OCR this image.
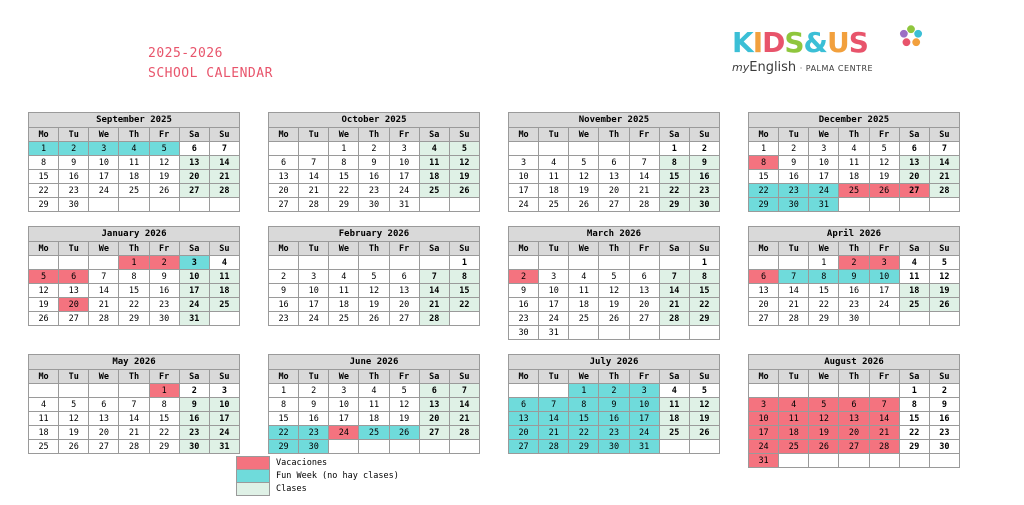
2025-2026
SCHOOL CALENDAR
KIDS&US
myEnglish · PALMA CENTRE
September 2025
Mo	Tu	We	Th	Fr	Sa	Su
1	2	3	4	5	6	7
8	9	10	11	12	13	14
15	16	17	18	19	20	21
22	23	24	25	26	27	28
29	30					
October 2025
Mo	Tu	We	Th	Fr	Sa	Su
		1	2	3	4	5
6	7	8	9	10	11	12
13	14	15	16	17	18	19
20	21	22	23	24	25	26
27	28	29	30	31		
November 2025
Mo	Tu	We	Th	Fr	Sa	Su
					1	2
3	4	5	6	7	8	9
10	11	12	13	14	15	16
17	18	19	20	21	22	23
24	25	26	27	28	29	30
December 2025
Mo	Tu	We	Th	Fr	Sa	Su
1	2	3	4	5	6	7
8	9	10	11	12	13	14
15	16	17	18	19	20	21
22	23	24	25	26	27	28
29	30	31				
January 2026
Mo	Tu	We	Th	Fr	Sa	Su
			1	2	3	4
5	6	7	8	9	10	11
12	13	14	15	16	17	18
19	20	21	22	23	24	25
26	27	28	29	30	31	
February 2026
Mo	Tu	We	Th	Fr	Sa	Su
						1
2	3	4	5	6	7	8
9	10	11	12	13	14	15
16	17	18	19	20	21	22
23	24	25	26	27	28	
March 2026
Mo	Tu	We	Th	Fr	Sa	Su
						1
2	3	4	5	6	7	8
9	10	11	12	13	14	15
16	17	18	19	20	21	22
23	24	25	26	27	28	29
30	31					
April 2026
Mo	Tu	We	Th	Fr	Sa	Su
		1	2	3	4	5
6	7	8	9	10	11	12
13	14	15	16	17	18	19
20	21	22	23	24	25	26
27	28	29	30			
May 2026
Mo	Tu	We	Th	Fr	Sa	Su
				1	2	3
4	5	6	7	8	9	10
11	12	13	14	15	16	17
18	19	20	21	22	23	24
25	26	27	28	29	30	31
June 2026
Mo	Tu	We	Th	Fr	Sa	Su
1	2	3	4	5	6	7
8	9	10	11	12	13	14
15	16	17	18	19	20	21
22	23	24	25	26	27	28
29	30					
July 2026
Mo	Tu	We	Th	Fr	Sa	Su
		1	2	3	4	5
6	7	8	9	10	11	12
13	14	15	16	17	18	19
20	21	22	23	24	25	26
27	28	29	30	31		
August 2026
Mo	Tu	We	Th	Fr	Sa	Su
					1	2
3	4	5	6	7	8	9
10	11	12	13	14	15	16
17	18	19	20	21	22	23
24	25	26	27	28	29	30
31						
Vacaciones
Fun Week (no hay clases)
Clases
